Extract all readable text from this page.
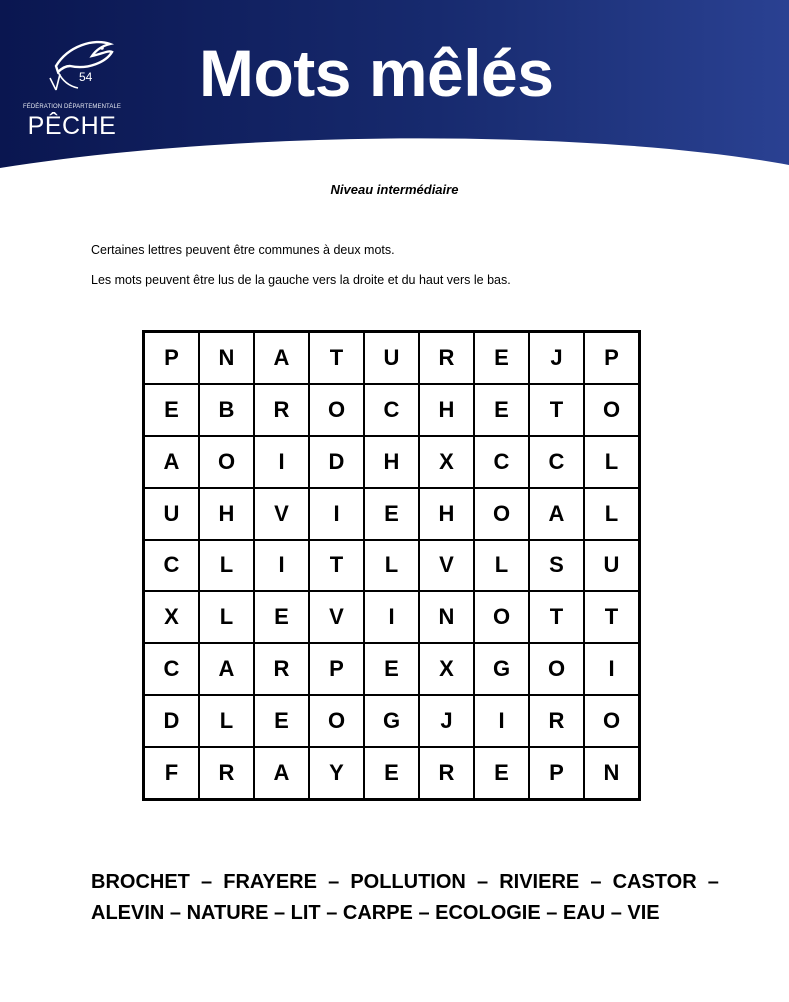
54
FÉDÉRATION DÉPARTEMENTALE
PÊCHE
Mots mêlés
Niveau intermédiaire
Certaines lettres peuvent être communes à deux mots.
Les mots peuvent être lus de la gauche vers la droite et du haut vers le bas.
P	N	A	T	U	R	E	J	P
E	B	R	O	C	H	E	T	O
A	O	I	D	H	X	C	C	L
U	H	V	I	E	H	O	A	L
C	L	I	T	L	V	L	S	U
X	L	E	V	I	N	O	T	T
C	A	R	P	E	X	G	O	I
D	L	E	O	G	J	I	R	O
F	R	A	Y	E	R	E	P	N
BROCHET  –  FRAYERE  –  POLLUTION  –  RIVIERE  –  CASTOR  –
ALEVIN – NATURE – LIT – CARPE – ECOLOGIE – EAU – VIE
